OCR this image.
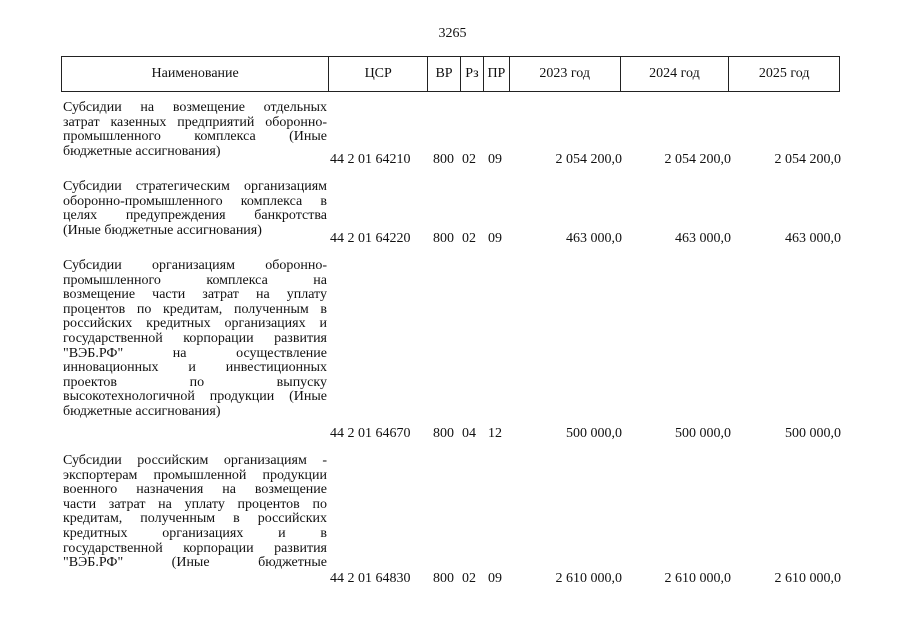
3265
Наименование	ЦСР	ВР Рз ПР	2023 год	2024 год	2025 год
Субсидии на возмещение отдельных
затрат казенных предприятий оборонно-
промышленного комплекса (Иные
бюджетные ассигнования)
44 2 01 64210	800 02 09	2 054 200,0	2 054 200,0	2 054 200,0
Субсидии стратегическим организациям
оборонно-промышленного комплекса в
целях предупреждения банкротства
(Иные бюджетные ассигнования)
44 2 01 64220	800 02 09	463 000,0	463 000,0	463 000,0
Субсидии организациям оборонно-
промышленного комплекса на
возмещение части затрат на уплату
процентов по кредитам, полученным в
российских кредитных организациях и
государственной корпорации развития
"ВЭБ.РФ" на осуществление
инновационных и инвестиционных
проектов по выпуску
высокотехнологичной продукции (Иные
бюджетные ассигнования)
44 2 01 64670	800 04 12	500 000,0	500 000,0	500 000,0
Субсидии российским организациям -
экспортерам промышленной продукции
военного назначения на возмещение
части затрат на уплату процентов по
кредитам, полученным в российских
кредитных организациях и в
государственной корпорации развития
"ВЭБ.РФ" (Иные бюджетные
44 2 01 64830	800 02 09	2 610 000,0	2 610 000,0	2 610 000,0
